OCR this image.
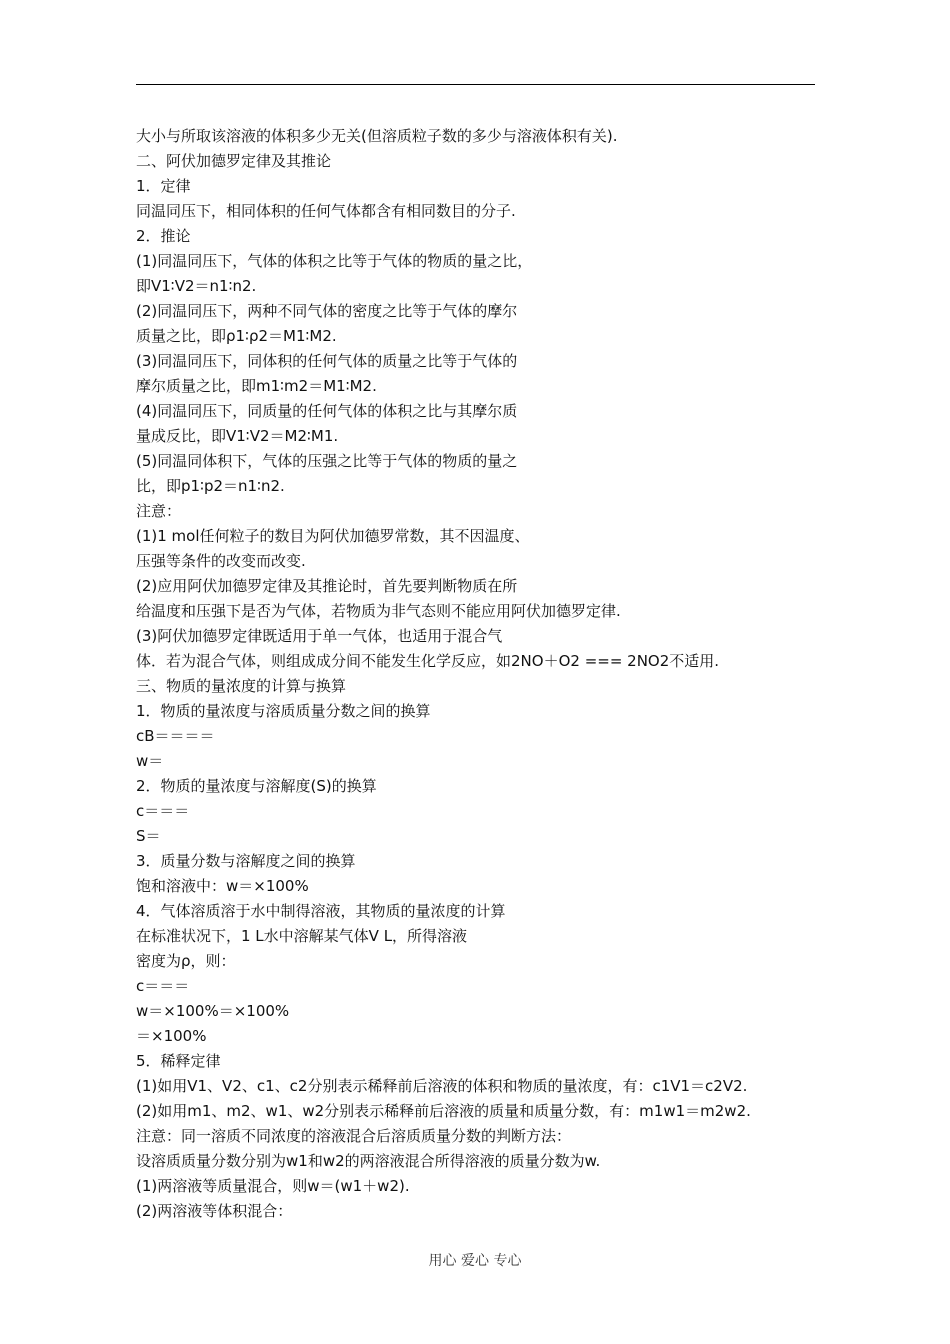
大小与所取该溶液的体积多少无关(但溶质粒子数的多少与溶液体积有关).
二、阿伏加德罗定律及其推论
1．定律
同温同压下，相同体积的任何气体都含有相同数目的分子.
2．推论
(1)同温同压下，气体的体积之比等于气体的物质的量之比，
即V1∶V2＝n1∶n2.
(2)同温同压下，两种不同气体的密度之比等于气体的摩尔
质量之比，即ρ1∶ρ2＝M1∶M2.
(3)同温同压下，同体积的任何气体的质量之比等于气体的
摩尔质量之比，即m1∶m2＝M1∶M2.
(4)同温同压下，同质量的任何气体的体积之比与其摩尔质
量成反比，即V1∶V2＝M2∶M1.
(5)同温同体积下，气体的压强之比等于气体的物质的量之
比，即p1∶p2＝n1∶n2.
注意：
(1)1 mol任何粒子的数目为阿伏加德罗常数，其不因温度、
压强等条件的改变而改变.
(2)应用阿伏加德罗定律及其推论时，首先要判断物质在所
给温度和压强下是否为气体，若物质为非气态则不能应用阿伏加德罗定律.
(3)阿伏加德罗定律既适用于单一气体，也适用于混合气
体．若为混合气体，则组成成分间不能发生化学反应，如2NO＋O2 === 2NO2不适用.
三、物质的量浓度的计算与换算
1．物质的量浓度与溶质质量分数之间的换算
cB＝＝＝＝
w＝
2．物质的量浓度与溶解度(S)的换算
c＝＝＝
S＝
3．质量分数与溶解度之间的换算
饱和溶液中：w＝×100%
4．气体溶质溶于水中制得溶液，其物质的量浓度的计算
在标准状况下，1 L水中溶解某气体V L，所得溶液
密度为ρ，则：
c＝＝＝
w＝×100%＝×100%
＝×100%
5．稀释定律
(1)如用V1、V2、c1、c2分别表示稀释前后溶液的体积和物质的量浓度，有：c1V1＝c2V2.
(2)如用m1、m2、w1、w2分别表示稀释前后溶液的质量和质量分数，有：m1w1＝m2w2.
注意：同一溶质不同浓度的溶液混合后溶质质量分数的判断方法：
设溶质质量分数分别为w1和w2的两溶液混合所得溶液的质量分数为w.
(1)两溶液等质量混合，则w＝(w1＋w2).
(2)两溶液等体积混合：
用心 爱心 专心
